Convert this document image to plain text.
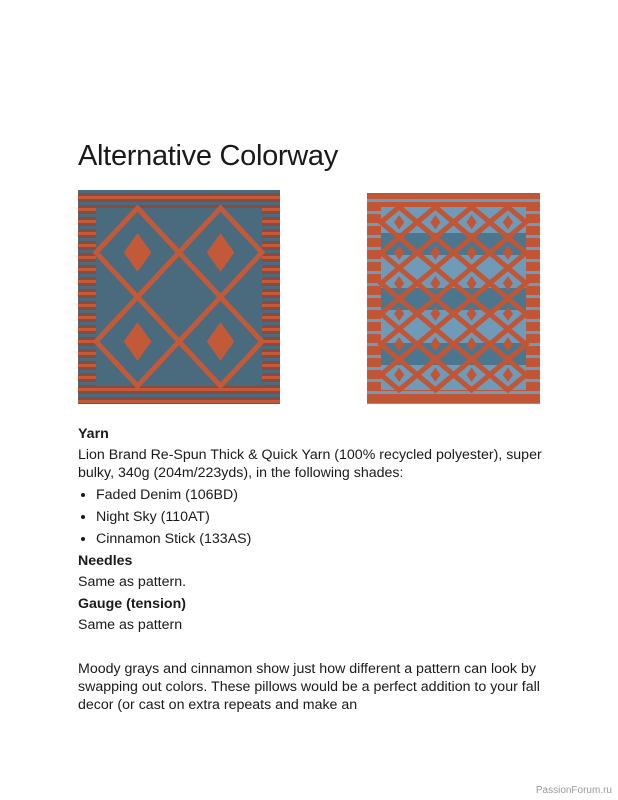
Alternative Colorway

Yarn

Lion Brand Re-Spun Thick & Quick Yarn (100% recycled polyester), super bulky, 340g (204m/223yds), in the following shades:

• Faded Denim (106BD)
• Night Sky (110AT)
• Cinnamon Stick (133AS)

Needles

Same as pattern.

Gauge (tension)

Same as pattern

Moody grays and cinnamon show just how different a pattern can look by swapping out colors. These pillows would be a perfect addition to your fall decor (or cast on extra repeats and make an

PassionForum.ru
